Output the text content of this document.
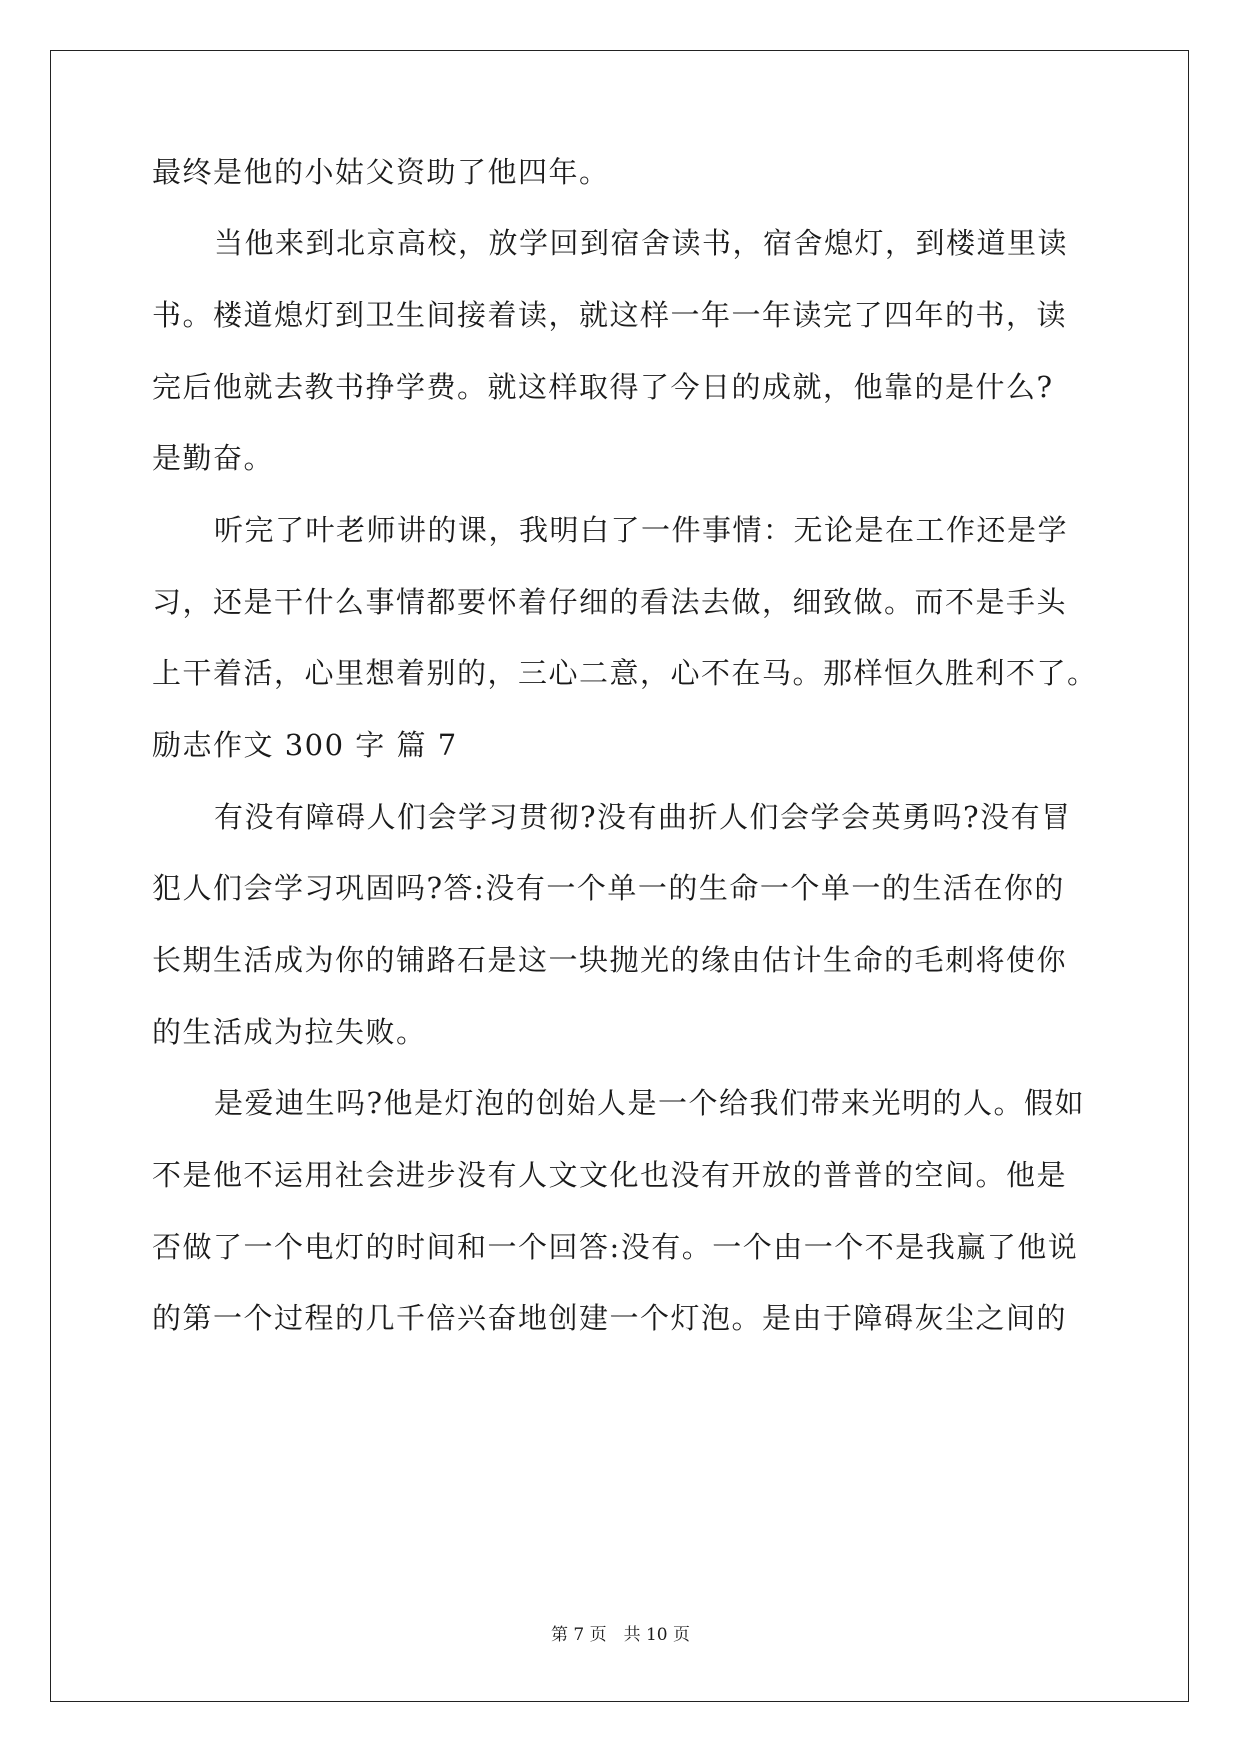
最终是他的小姑父资助了他四年。
当他来到北京高校，放学回到宿舍读书，宿舍熄灯，到楼道里读
书。楼道熄灯到卫生间接着读，就这样一年一年读完了四年的书，读
完后他就去教书挣学费。就这样取得了今日的成就，他靠的是什么?
是勤奋。
听完了叶老师讲的课，我明白了一件事情：无论是在工作还是学
习，还是干什么事情都要怀着仔细的看法去做，细致做。而不是手头
上干着活，心里想着别的，三心二意，心不在马。那样恒久胜利不了。
励志作文 300 字 篇 7
有没有障碍人们会学习贯彻?没有曲折人们会学会英勇吗?没有冒
犯人们会学习巩固吗?答:没有一个单一的生命一个单一的生活在你的
长期生活成为你的铺路石是这一块抛光的缘由估计生命的毛刺将使你
的生活成为拉失败。
是爱迪生吗?他是灯泡的创始人是一个给我们带来光明的人。假如
不是他不运用社会进步没有人文文化也没有开放的普普的空间。他是
否做了一个电灯的时间和一个回答:没有。一个由一个不是我赢了他说
的第一个过程的几千倍兴奋地创建一个灯泡。是由于障碍灰尘之间的
第 7 页　共 10 页
